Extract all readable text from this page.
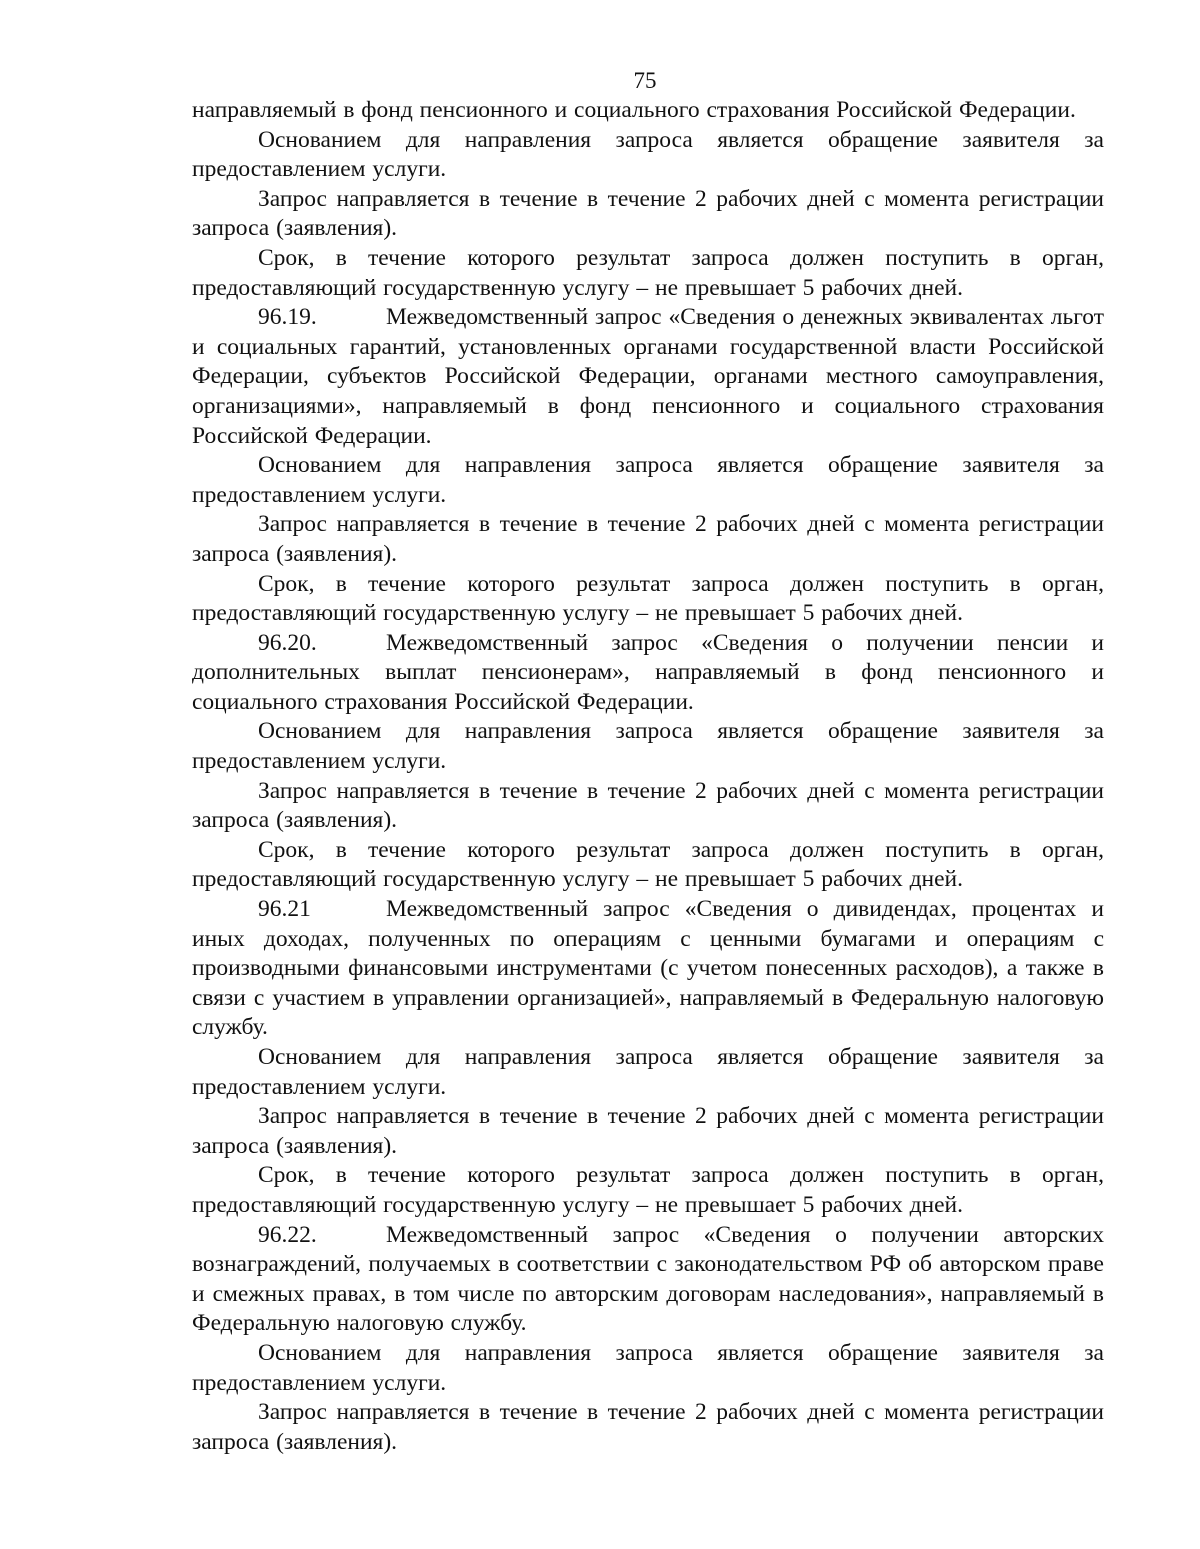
75

направляемый в фонд пенсионного и социального страхования Российской Федерации.

Основанием для направления запроса является обращение заявителя за предоставлением услуги.

Запрос направляется в течение в течение 2 рабочих дней с момента регистрации запроса (заявления).

Срок, в течение которого результат запроса должен поступить в орган, предоставляющий государственную услугу – не превышает 5 рабочих дней.

96.19.	Межведомственный запрос «Сведения о денежных эквивалентах льгот и социальных гарантий, установленных органами государственной власти Российской Федерации, субъектов Российской Федерации, органами местного самоуправления, организациями», направляемый в фонд пенсионного и социального страхования Российской Федерации.

Основанием для направления запроса является обращение заявителя за предоставлением услуги.

Запрос направляется в течение в течение 2 рабочих дней с момента регистрации запроса (заявления).

Срок, в течение которого результат запроса должен поступить в орган, предоставляющий государственную услугу – не превышает 5 рабочих дней.

96.20.	Межведомственный запрос «Сведения о получении пенсии и дополнительных выплат пенсионерам», направляемый в фонд пенсионного и социального страхования Российской Федерации.

Основанием для направления запроса является обращение заявителя за предоставлением услуги.

Запрос направляется в течение в течение 2 рабочих дней с момента регистрации запроса (заявления).

Срок, в течение которого результат запроса должен поступить в орган, предоставляющий государственную услугу – не превышает 5 рабочих дней.

96.21	Межведомственный запрос «Сведения о дивидендах, процентах и иных доходах, полученных по операциям с ценными бумагами и операциям с производными финансовыми инструментами (с учетом понесенных расходов), а также в связи с участием в управлении организацией», направляемый в Федеральную налоговую службу.

Основанием для направления запроса является обращение заявителя за предоставлением услуги.

Запрос направляется в течение в течение 2 рабочих дней с момента регистрации запроса (заявления).

Срок, в течение которого результат запроса должен поступить в орган, предоставляющий государственную услугу – не превышает 5 рабочих дней.

96.22.	Межведомственный запрос «Сведения о получении авторских вознаграждений, получаемых в соответствии с законодательством РФ об авторском праве и смежных правах, в том числе по авторским договорам наследования», направляемый в Федеральную налоговую службу.

Основанием для направления запроса является обращение заявителя за предоставлением услуги.

Запрос направляется в течение в течение 2 рабочих дней с момента регистрации запроса (заявления).
